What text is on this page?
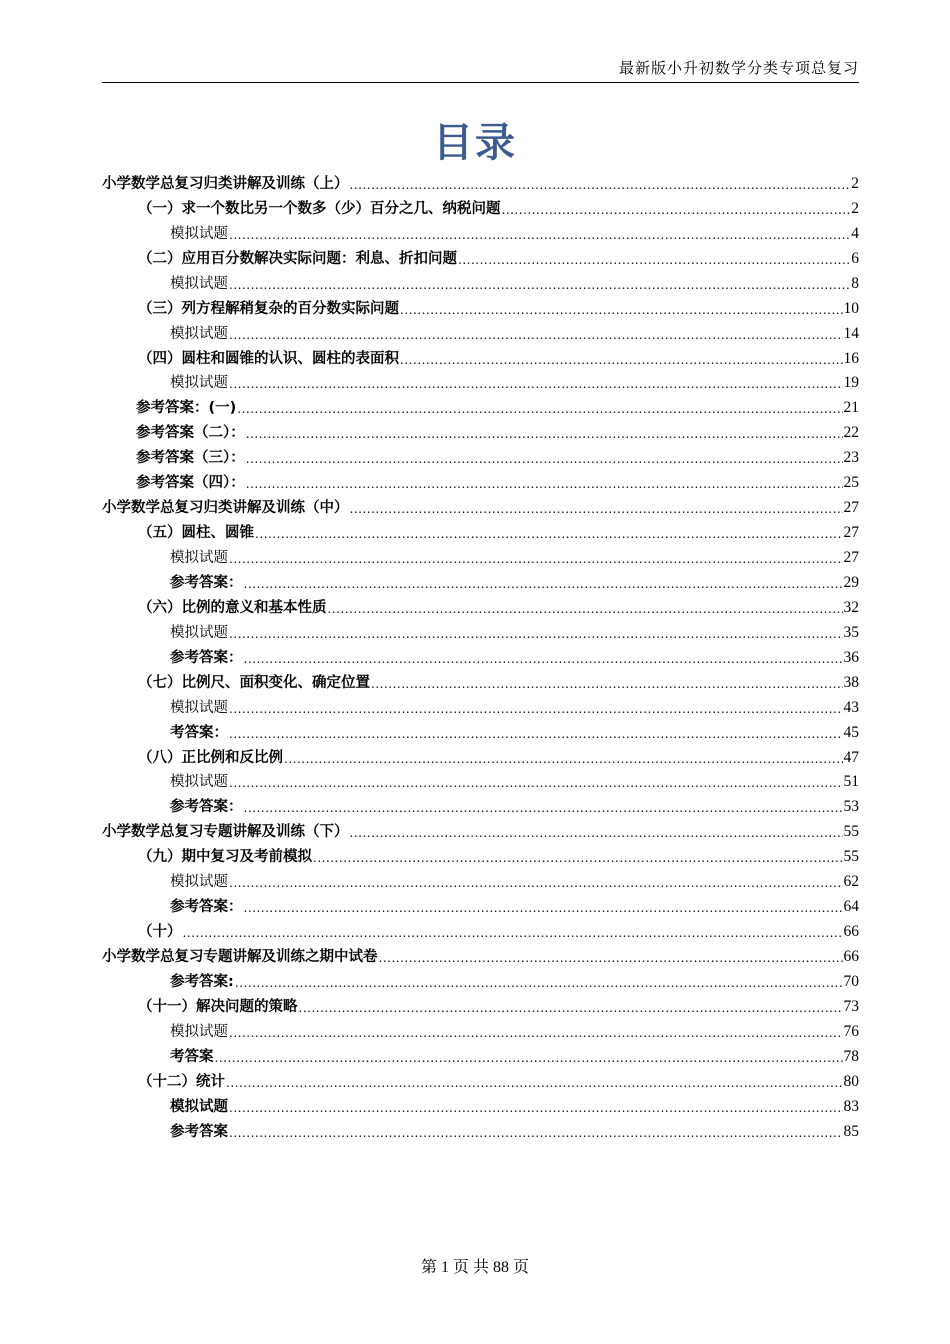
最新版小升初数学分类专项总复习
目录
小学数学总复习归类讲解及训练（上） .....	2
（一）求一个数比另一个数多（少）百分之几、纳税问题 .....	2
模拟试题 .....	4
（二）应用百分数解决实际问题：利息、折扣问题 .....	6
模拟试题 .....	8
（三）列方程解稍复杂的百分数实际问题 .....	10
模拟试题 .....	14
（四）圆柱和圆锥的认识、圆柱的表面积 .....	16
模拟试题 .....	19
参考答案：(一) .....	21
参考答案（二）： .....	22
参考答案（三）： .....	23
参考答案（四）： .....	25
小学数学总复习归类讲解及训练（中） .....	27
（五）圆柱、圆锥 .....	27
模拟试题 .....	27
参考答案： .....	29
（六）比例的意义和基本性质 .....	32
模拟试题 .....	35
参考答案： .....	36
（七）比例尺、面积变化、确定位置 .....	38
模拟试题 .....	43
考答案： .....	45
（八）正比例和反比例 .....	47
模拟试题 .....	51
参考答案： .....	53
小学数学总复习专题讲解及训练（下） .....	55
（九）期中复习及考前模拟 .....	55
模拟试题 .....	62
参考答案： .....	64
（十） .....	66
小学数学总复习专题讲解及训练之期中试卷 .....	66
参考答案: .....	70
（十一）解决问题的策略 .....	73
模拟试题 .....	76
考答案 .....	78
（十二）统计 .....	80
模拟试题 .....	83
参考答案 .....	85
第 1 页 共 88 页
